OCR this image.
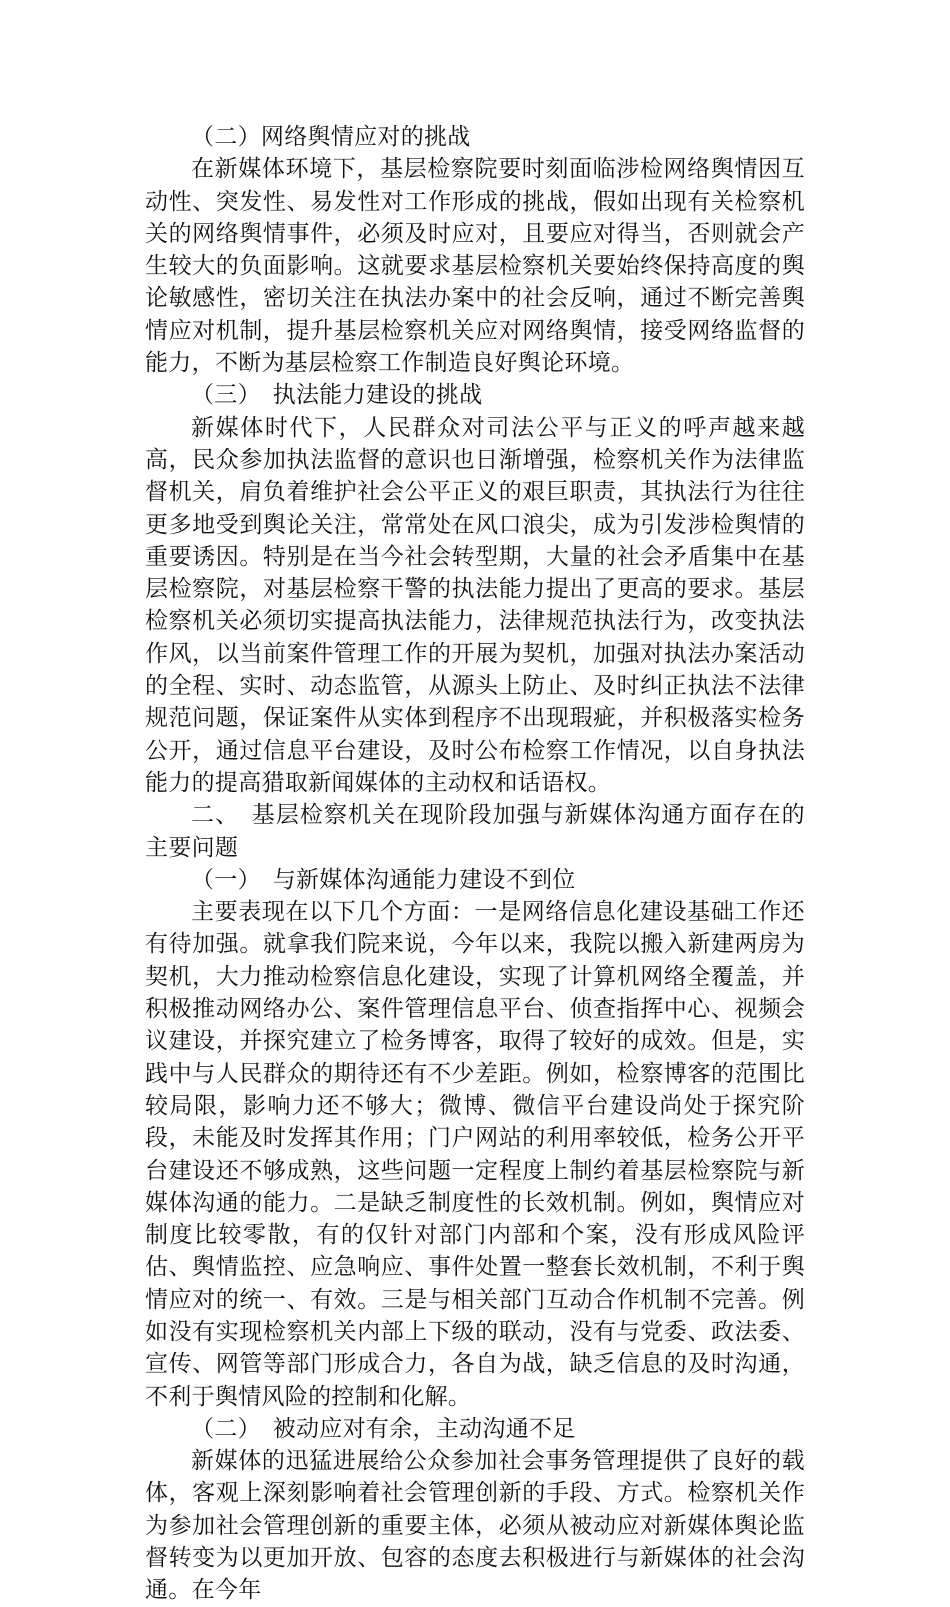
（二）网络舆情应对的挑战

在新媒体环境下，基层检察院要时刻面临涉检网络舆情因互动性、突发性、易发性对工作形成的挑战，假如出现有关检察机关的网络舆情事件，必须及时应对，且要应对得当，否则就会产生较大的负面影响。这就要求基层检察机关要始终保持高度的舆论敏感性，密切关注在执法办案中的社会反响，通过不断完善舆情应对机制，提升基层检察机关应对网络舆情，接受网络监督的能力，不断为基层检察工作制造良好舆论环境。

（三）　执法能力建设的挑战

新媒体时代下，人民群众对司法公平与正义的呼声越来越高，民众参加执法监督的意识也日渐增强，检察机关作为法律监督机关，肩负着维护社会公平正义的艰巨职责，其执法行为往往更多地受到舆论关注，常常处在风口浪尖，成为引发涉检舆情的重要诱因。特别是在当今社会转型期，大量的社会矛盾集中在基层检察院，对基层检察干警的执法能力提出了更高的要求。基层检察机关必须切实提高执法能力，法律规范执法行为，改变执法作风，以当前案件管理工作的开展为契机，加强对执法办案活动的全程、实时、动态监管，从源头上防止、及时纠正执法不法律规范问题，保证案件从实体到程序不出现瑕疵，并积极落实检务公开，通过信息平台建设，及时公布检察工作情况，以自身执法能力的提高猎取新闻媒体的主动权和话语权。

二、　基层检察机关在现阶段加强与新媒体沟通方面存在的主要问题

（一）　与新媒体沟通能力建设不到位

主要表现在以下几个方面：一是网络信息化建设基础工作还有待加强。就拿我们院来说，今年以来，我院以搬入新建两房为契机，大力推动检察信息化建设，实现了计算机网络全覆盖，并积极推动网络办公、案件管理信息平台、侦查指挥中心、视频会议建设，并探究建立了检务博客，取得了较好的成效。但是，实践中与人民群众的期待还有不少差距。例如，检察博客的范围比较局限，影响力还不够大；微博、微信平台建设尚处于探究阶段，未能及时发挥其作用；门户网站的利用率较低，检务公开平台建设还不够成熟，这些问题一定程度上制约着基层检察院与新媒体沟通的能力。二是缺乏制度性的长效机制。例如，舆情应对制度比较零散，有的仅针对部门内部和个案，没有形成风险评估、舆情监控、应急响应、事件处置一整套长效机制，不利于舆情应对的统一、有效。三是与相关部门互动合作机制不完善。例如没有实现检察机关内部上下级的联动，没有与党委、政法委、宣传、网管等部门形成合力，各自为战，缺乏信息的及时沟通，不利于舆情风险的控制和化解。

（二）　被动应对有余，主动沟通不足

新媒体的迅猛进展给公众参加社会事务管理提供了良好的载体，客观上深刻影响着社会管理创新的手段、方式。检察机关作为参加社会管理创新的重要主体，必须从被动应对新媒体舆论监督转变为以更加开放、包容的态度去积极进行与新媒体的社会沟通。在今年
